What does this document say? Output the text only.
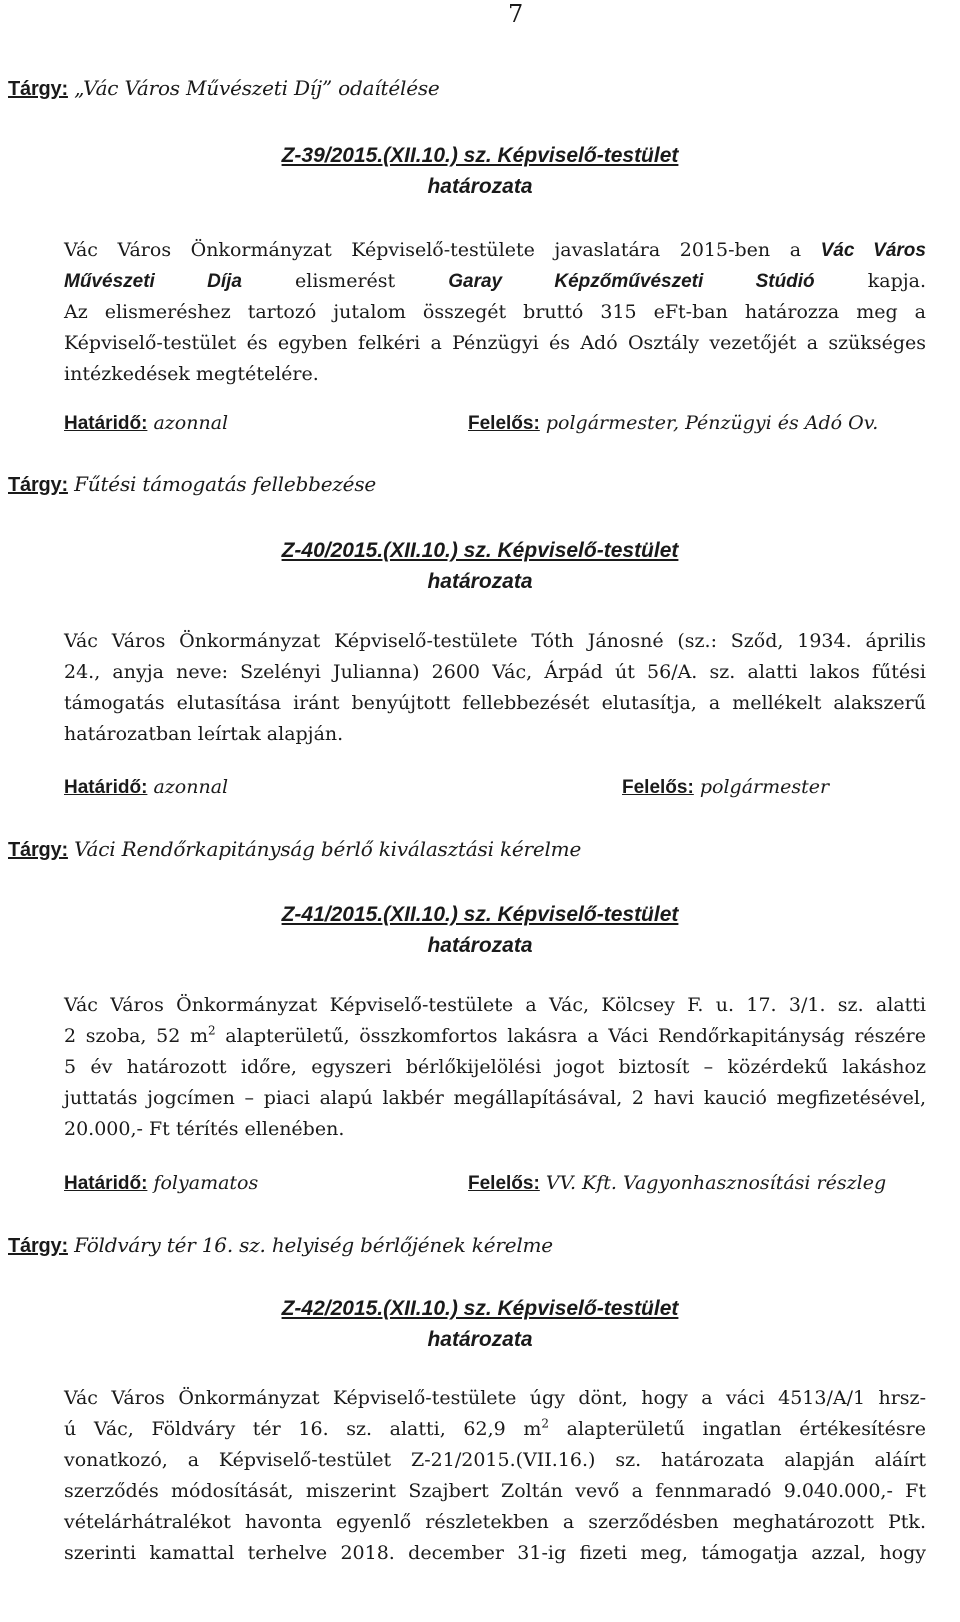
7
Tárgy: „Vác Város Művészeti Díj” odaítélése
Z-39/2015.(XII.10.) sz. Képviselő-testület
határozata
Vác Város Önkormányzat Képviselő-testülete javaslatára 2015-ben a Vác Város
Művészeti Díja elismerést Garay Képzőművészeti Stúdió kapja.
Az elismeréshez tartozó jutalom összegét bruttó 315 eFt-ban határozza meg a
Képviselő-testület és egyben felkéri a Pénzügyi és Adó Osztály vezetőjét a szükséges
intézkedések megtételére.
Határidő: azonnal	Felelős: polgármester, Pénzügyi és Adó Ov.
Tárgy: Fűtési támogatás fellebbezése
Z-40/2015.(XII.10.) sz. Képviselő-testület
határozata
Vác Város Önkormányzat Képviselő-testülete Tóth Jánosné (sz.: Sződ, 1934. április
24., anyja neve: Szelényi Julianna) 2600 Vác, Árpád út 56/A. sz. alatti lakos fűtési
támogatás elutasítása iránt benyújtott fellebbezését elutasítja, a mellékelt alakszerű
határozatban leírtak alapján.
Határidő: azonnal	Felelős: polgármester
Tárgy: Váci Rendőrkapitányság bérlő kiválasztási kérelme
Z-41/2015.(XII.10.) sz. Képviselő-testület
határozata
Vác Város Önkormányzat Képviselő-testülete a Vác, Kölcsey F. u. 17. 3/1. sz. alatti
2 szoba, 52 $m^2$ alapterületű, összkomfortos lakásra a Váci Rendőrkapitányság részére
5 év határozott időre, egyszeri bérlőkijelölési jogot biztosít – közérdekű lakáshoz
juttatás jogcímen – piaci alapú lakbér megállapításával, 2 havi kaució megfizetésével,
20.000,- Ft térítés ellenében.
Határidő: folyamatos	Felelős: VV. Kft. Vagyonhasznosítási részleg
Tárgy: Földváry tér 16. sz. helyiség bérlőjének kérelme
Z-42/2015.(XII.10.) sz. Képviselő-testület
határozata
Vác Város Önkormányzat Képviselő-testülete úgy dönt, hogy a váci 4513/A/1 hrsz-
ú Vác, Földváry tér 16. sz. alatti, 62,9 $m^2$ alapterületű ingatlan értékesítésre
vonatkozó, a Képviselő-testület Z-21/2015.(VII.16.) sz. határozata alapján aláírt
szerződés módosítását, miszerint Szajbert Zoltán vevő a fennmaradó 9.040.000,- Ft
vételárhátralékot havonta egyenlő részletekben a szerződésben meghatározott Ptk.
szerinti kamattal terhelve 2018. december 31-ig fizeti meg, támogatja azzal, hogy
